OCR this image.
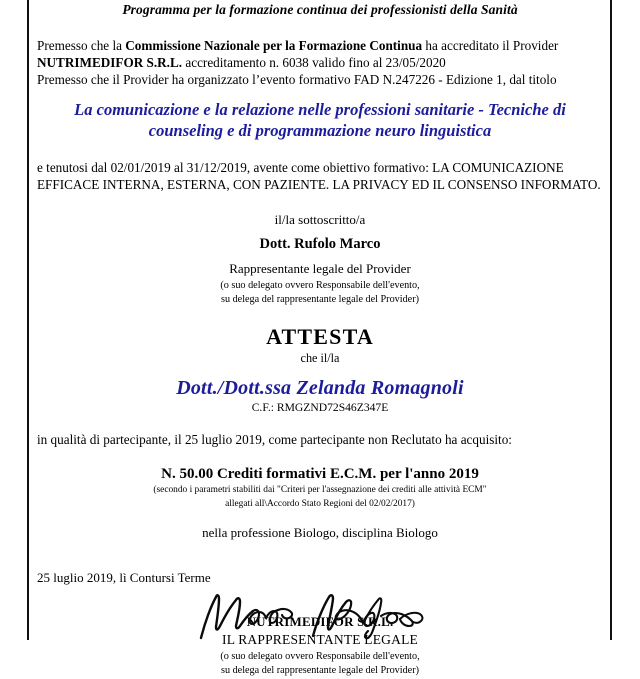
Programma per la formazione continua dei professionisti della Sanità
Premesso che la Commissione Nazionale per la Formazione Continua ha accreditato il Provider
NUTRIMEDIFOR S.R.L. accreditamento n. 6038 valido fino al 23/05/2020
Premesso che il Provider ha organizzato l’evento formativo FAD N.247226 - Edizione 1, dal titolo
La comunicazione e la relazione nelle professioni sanitarie - Tecniche di
counseling e di programmazione neuro linguistica
e tenutosi dal 02/01/2019 al 31/12/2019, avente come obiettivo formativo: LA COMUNICAZIONE
EFFICACE INTERNA, ESTERNA, CON PAZIENTE. LA PRIVACY ED IL CONSENSO INFORMATO.
il/la sottoscritto/a
Dott. Rufolo Marco
Rappresentante legale del Provider
(o suo delegato ovvero Responsabile dell'evento,
su delega del rappresentante legale del Provider)
ATTESTA
che il/la
Dott./Dott.ssa Zelanda Romagnoli
C.F.: RMGZND72S46Z347E
in qualità di partecipante, il 25 luglio 2019, come partecipante non Reclutato ha acquisito:
N. 50.00 Crediti formativi E.C.M. per l'anno 2019
(secondo i parametri stabiliti dai "Criteri per l'assegnazione dei crediti alle attività ECM"
allegati all\Accordo Stato Regioni del 02/02/2017)
nella professione Biologo, disciplina Biologo
25 luglio 2019, lì Contursi Terme
NUTRIMEDIFOR S.R.L.
IL RAPPRESENTANTE LEGALE
(o suo delegato ovvero Responsabile dell'evento,
su delega del rappresentante legale del Provider)
